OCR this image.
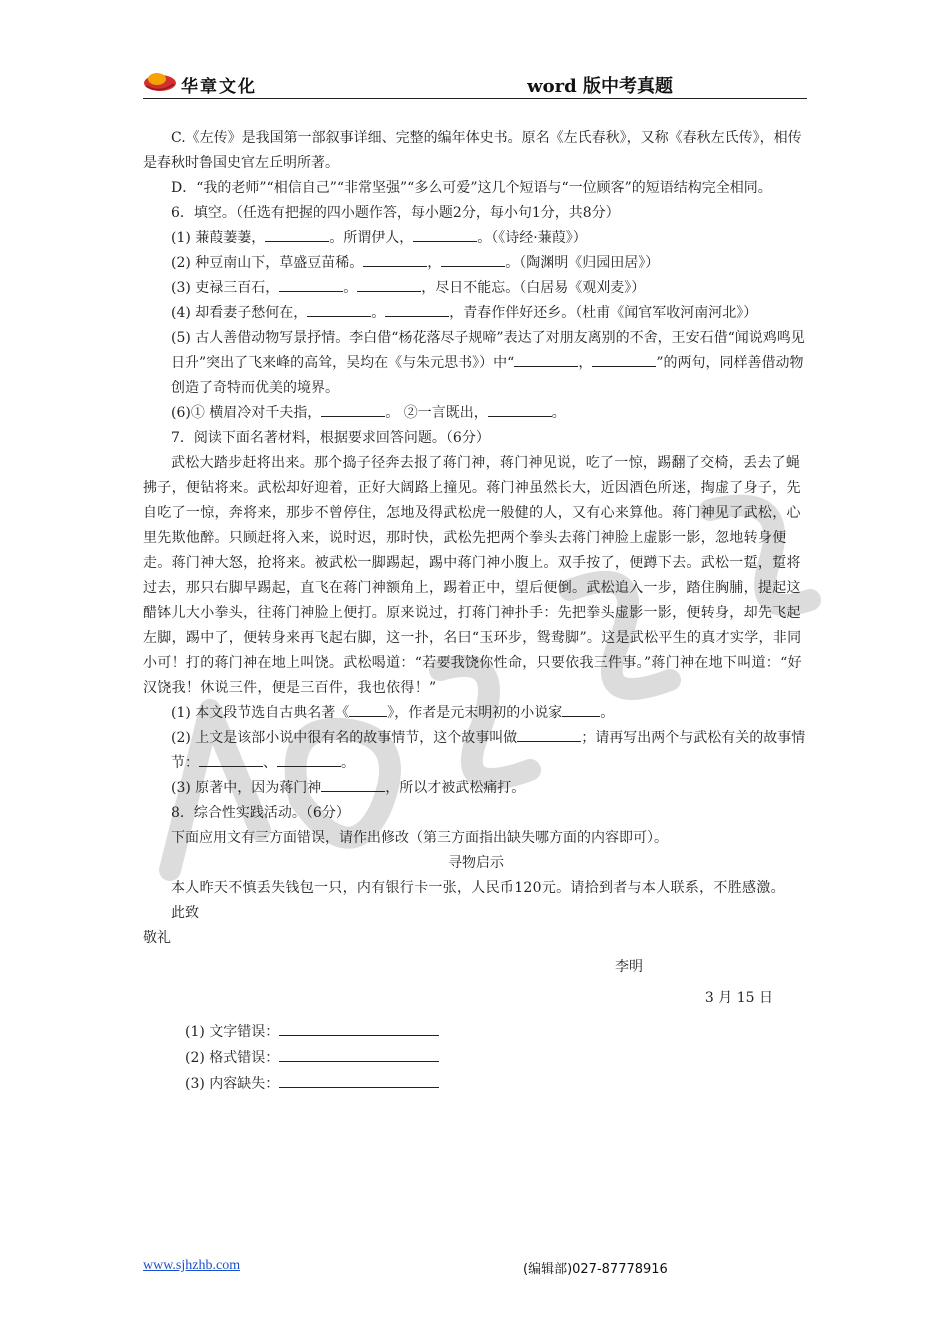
华章文化	word 版中考真题

C.《左传》是我国第一部叙事详细、完整的编年体史书。原名《左氏春秋》，又称《春秋左氏传》，相传是春秋时鲁国史官左丘明所著。

D．“我的老师”“相信自己”“非常坚强”“多么可爱”这几个短语与“一位顾客”的短语结构完全相同。

6．填空。（任选有把握的四小题作答，每小题2分，每小句1分，共8分）

(1) 蒹葭萋萋，	。所谓伊人，	。（《诗经·蒹葭》）

(2) 种豆南山下，草盛豆苗稀。	，	。（陶渊明《归园田居》）

(3) 吏禄三百石，	。	，尽日不能忘。（白居易《观刈麦》）

(4) 却看妻子愁何在，	。	，青春作伴好还乡。（杜甫《闻官军收河南河北》）

(5) 古人善借动物写景抒情。李白借“杨花落尽子规啼”表达了对朋友离别的不舍，王安石借“闻说鸡鸣见日升”突出了飞来峰的高耸，吴均在《与朱元思书》）中“	，	”的两句，同样善借动物创造了奇特而优美的境界。

(6)① 横眉冷对千夫指，	。 ②一言既出，	。

7．阅读下面名著材料，根据要求回答问题。（6分）

武松大踏步赶将出来。那个捣子径奔去报了蒋门神，蒋门神见说，吃了一惊，踢翻了交椅，丢去了蝇拂子，便钻将来。武松却好迎着，正好大阔路上撞见。蒋门神虽然长大，近因酒色所迷，掏虚了身子，先自吃了一惊，奔将来，那步不曾停住，怎地及得武松虎一般健的人，又有心来算他。蒋门神见了武松，心里先欺他醉。只顾赶将入来，说时迟，那时快，武松先把两个拳头去蒋门神脸上虚影一影，忽地转身便走。蒋门神大怒，抢将来。被武松一脚踢起，踢中蒋门神小腹上。双手按了，便蹲下去。武松一踅，踅将过去，那只右脚早踢起，直飞在蒋门神额角上，踢着正中，望后便倒。武松追入一步，踏住胸脯，提起这醋钵儿大小拳头，往蒋门神脸上便打。原来说过，打蒋门神扑手：先把拳头虚影一影，便转身，却先飞起左脚，踢中了，便转身来再飞起右脚，这一扑，名曰“玉环步，鸳鸯脚”。这是武松平生的真才实学，非同小可！打的蒋门神在地上叫饶。武松喝道：“若要我饶你性命，只要依我三件事。”蒋门神在地下叫道：“好汉饶我！休说三件，便是三百件，我也依得！”

(1) 本文段节选自古典名著《	》，作者是元末明初的小说家	。

(2) 上文是该部小说中很有名的故事情节，这个故事叫做	；请再写出两个与武松有关的故事情节：	、	。

(3) 原著中，因为蒋门神	，所以才被武松痛打。

8．综合性实践活动。（6分）

下面应用文有三方面错误，请作出修改（第三方面指出缺失哪方面的内容即可）。

寻物启示

本人昨天不慎丢失钱包一只，内有银行卡一张，人民币120元。请拾到者与本人联系，不胜感激。

此致

敬礼

李明

3 月 15 日

(1) 文字错误：

(2) 格式错误：

(3) 内容缺失：

www.sjhzhb.com	(编辑部)027-87778916
